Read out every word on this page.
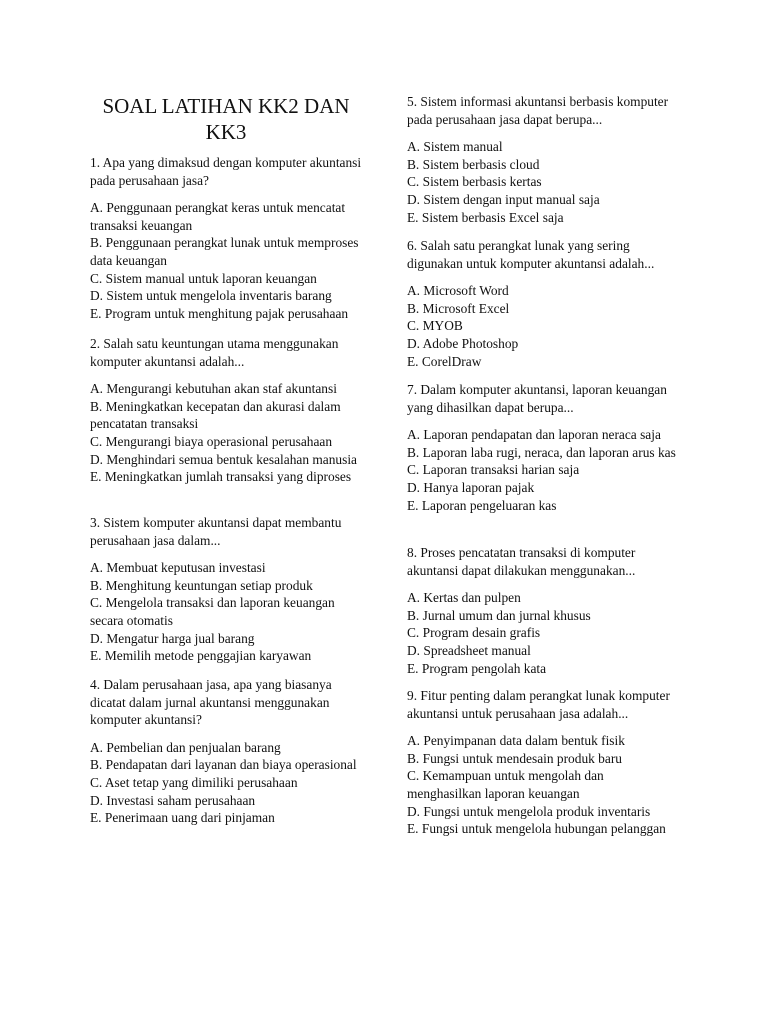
SOAL LATIHAN KK2 DAN KK3

1. Apa yang dimaksud dengan komputer akuntansi pada perusahaan jasa?

A. Penggunaan perangkat keras untuk mencatat transaksi keuangan
B. Penggunaan perangkat lunak untuk memproses data keuangan
C. Sistem manual untuk laporan keuangan
D. Sistem untuk mengelola inventaris barang
E. Program untuk menghitung pajak perusahaan

2. Salah satu keuntungan utama menggunakan komputer akuntansi adalah...

A. Mengurangi kebutuhan akan staf akuntansi
B. Meningkatkan kecepatan dan akurasi dalam pencatatan transaksi
C. Mengurangi biaya operasional perusahaan
D. Menghindari semua bentuk kesalahan manusia
E. Meningkatkan jumlah transaksi yang diproses

3. Sistem komputer akuntansi dapat membantu perusahaan jasa dalam...

A. Membuat keputusan investasi
B. Menghitung keuntungan setiap produk
C. Mengelola transaksi dan laporan keuangan secara otomatis
D. Mengatur harga jual barang
E. Memilih metode penggajian karyawan

4. Dalam perusahaan jasa, apa yang biasanya dicatat dalam jurnal akuntansi menggunakan komputer akuntansi?

A. Pembelian dan penjualan barang
B. Pendapatan dari layanan dan biaya operasional
C. Aset tetap yang dimiliki perusahaan
D. Investasi saham perusahaan
E. Penerimaan uang dari pinjaman

5. Sistem informasi akuntansi berbasis komputer pada perusahaan jasa dapat berupa...

A. Sistem manual
B. Sistem berbasis cloud
C. Sistem berbasis kertas
D. Sistem dengan input manual saja
E. Sistem berbasis Excel saja

6. Salah satu perangkat lunak yang sering digunakan untuk komputer akuntansi adalah...

A. Microsoft Word
B. Microsoft Excel
C. MYOB
D. Adobe Photoshop
E. CorelDraw

7. Dalam komputer akuntansi, laporan keuangan yang dihasilkan dapat berupa...

A. Laporan pendapatan dan laporan neraca saja
B. Laporan laba rugi, neraca, dan laporan arus kas
C. Laporan transaksi harian saja
D. Hanya laporan pajak
E. Laporan pengeluaran kas

8. Proses pencatatan transaksi di komputer akuntansi dapat dilakukan menggunakan...

A. Kertas dan pulpen
B. Jurnal umum dan jurnal khusus
C. Program desain grafis
D. Spreadsheet manual
E. Program pengolah kata

9. Fitur penting dalam perangkat lunak komputer akuntansi untuk perusahaan jasa adalah...

A. Penyimpanan data dalam bentuk fisik
B. Fungsi untuk mendesain produk baru
C. Kemampuan untuk mengolah dan menghasilkan laporan keuangan
D. Fungsi untuk mengelola produk inventaris
E. Fungsi untuk mengelola hubungan pelanggan
